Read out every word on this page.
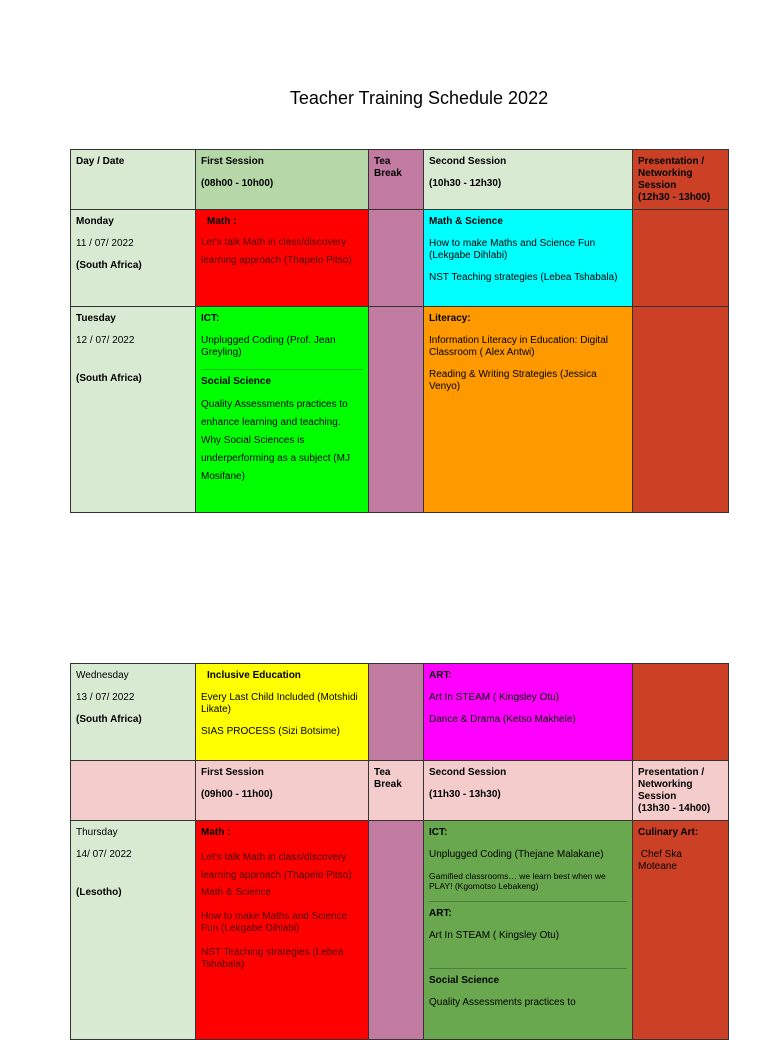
Teacher Training Schedule 2022
Day / Date	First Session

(08h00 - 10h00)

Tea Break

Second Session

(10h30 - 12h30)

Presentation / Networking Session
(12h30 - 13h00)

Monday

11 / 07/ 2022

(South Africa)

Math :

Let's talk Math in class/discovery learning approach (Thapelo Pitso)

Math & Science

How to make Maths and Science Fun (Lekgabe Dihlabi)

NST Teaching strategies (Lebea Tshabala)

Tuesday

12 / 07/ 2022

(South Africa)

ICT:

Unplugged Coding (Prof. Jean Greyling)

Social Science

Quality Assessments practices to enhance learning and teaching. Why Social Sciences is underperforming as a subject (MJ Mosifane)

Literacy:

Information Literacy in Education: Digital Classroom ( Alex Antwi)

Reading & Writing Strategies (Jessica Venyo)

Wednesday

13 / 07/ 2022

(South Africa)

Inclusive Education

Every Last Child Included (Motshidi Likate)

SIAS PROCESS (Sizi Botsime)

ART:

Art In STEAM ( Kingsley Otu)

Dance & Drama (Ketso Makhele)

First Session

(09h00 - 11h00)

Tea Break

Second Session

(11h30 - 13h30)

Presentation / Networking Session
(13h30 - 14h00)

Thursday

14/ 07/ 2022

(Lesotho)

Math :

Let's talk Math in class/discovery learning approach (Thapelo Pitso)

Math & Science

How to make Maths and Science Fun (Lekgabe Dihlabi)

NST Teaching strategies (Lebea Tshabala)

ICT:

Unplugged Coding (Thejane Malakane)

Gamified classrooms… we learn best when we PLAY! (Kgomotso Lebakeng)

ART:

Art In STEAM ( Kingsley Otu)

Social Science

Quality Assessments practices to

Culinary Art:

Chef Ska Moteane
